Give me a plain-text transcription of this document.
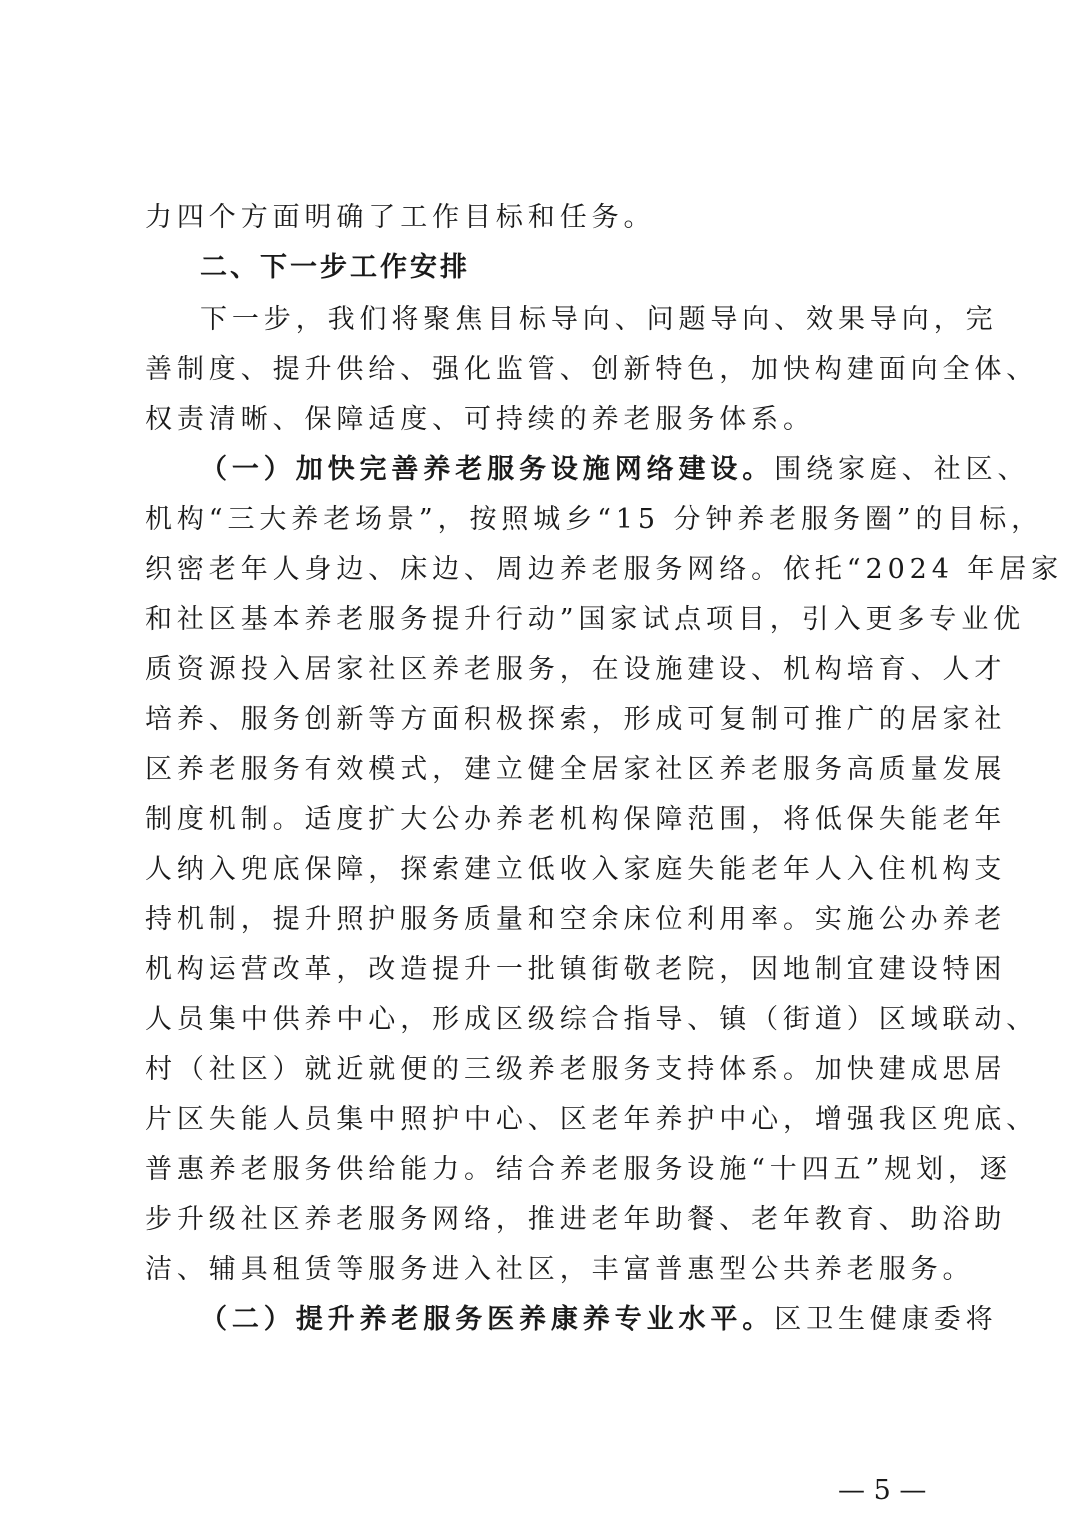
力四个方面明确了工作目标和任务。
二、下一步工作安排
下一步，我们将聚焦目标导向、问题导向、效果导向，完
善制度、提升供给、强化监管、创新特色，加快构建面向全体、
权责清晰、保障适度、可持续的养老服务体系。
（一）加快完善养老服务设施网络建设。围绕家庭、社区、
机构“三大养老场景”，按照城乡“15 分钟养老服务圈”的目标，
织密老年人身边、床边、周边养老服务网络。依托“2024 年居家
和社区基本养老服务提升行动”国家试点项目，引入更多专业优
质资源投入居家社区养老服务，在设施建设、机构培育、人才
培养、服务创新等方面积极探索，形成可复制可推广的居家社
区养老服务有效模式，建立健全居家社区养老服务高质量发展
制度机制。适度扩大公办养老机构保障范围，将低保失能老年
人纳入兜底保障，探索建立低收入家庭失能老年人入住机构支
持机制，提升照护服务质量和空余床位利用率。实施公办养老
机构运营改革，改造提升一批镇街敬老院，因地制宜建设特困
人员集中供养中心，形成区级综合指导、镇（街道）区域联动、
村（社区）就近就便的三级养老服务支持体系。加快建成思居
片区失能人员集中照护中心、区老年养护中心，增强我区兜底、
普惠养老服务供给能力。结合养老服务设施“十四五”规划，逐
步升级社区养老服务网络，推进老年助餐、老年教育、助浴助
洁、辅具租赁等服务进入社区，丰富普惠型公共养老服务。
（二）提升养老服务医养康养专业水平。区卫生健康委将
— 5 —
